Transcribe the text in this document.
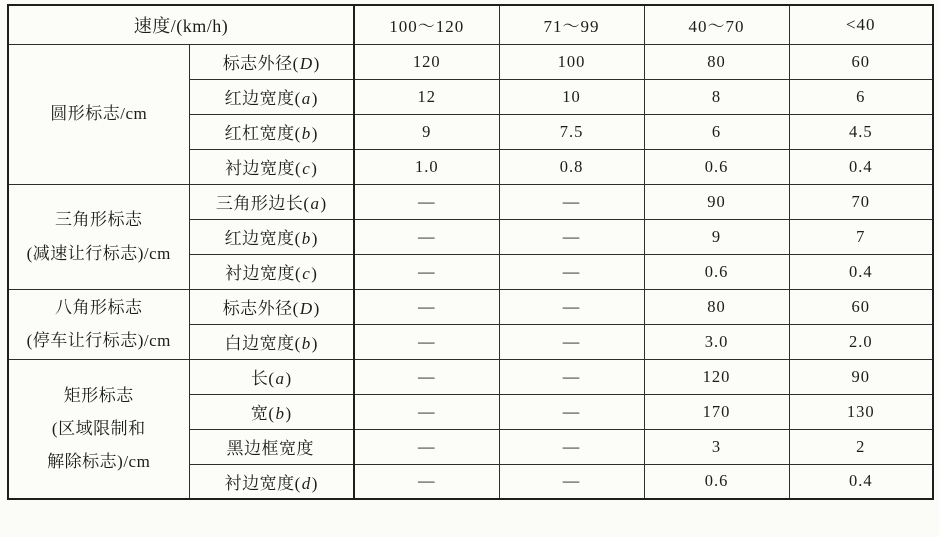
速度/(km/h)		100～120	71～99	40～70	<40

圆形标志/cm	标志外径(D)	120	100	80	60
	红边宽度(a)	12	10	8	6
	红杠宽度(b)	9	7.5	6	4.5
	衬边宽度(c)	1.0	0.8	0.6	0.4

三角形标志
(减速让行标志)/cm	三角形边长(a)	—	—	90	70
	红边宽度(b)	—	—	9	7
	衬边宽度(c)	—	—	0.6	0.4

八角形标志
(停车让行标志)/cm	标志外径(D)	—	—	80	60
	白边宽度(b)	—	—	3.0	2.0

矩形标志
(区域限制和
解除标志)/cm	长(a)	—	—	120	90
	宽(b)	—	—	170	130
	黑边框宽度	—	—	3	2
	衬边宽度(d)	—	—	0.6	0.4
